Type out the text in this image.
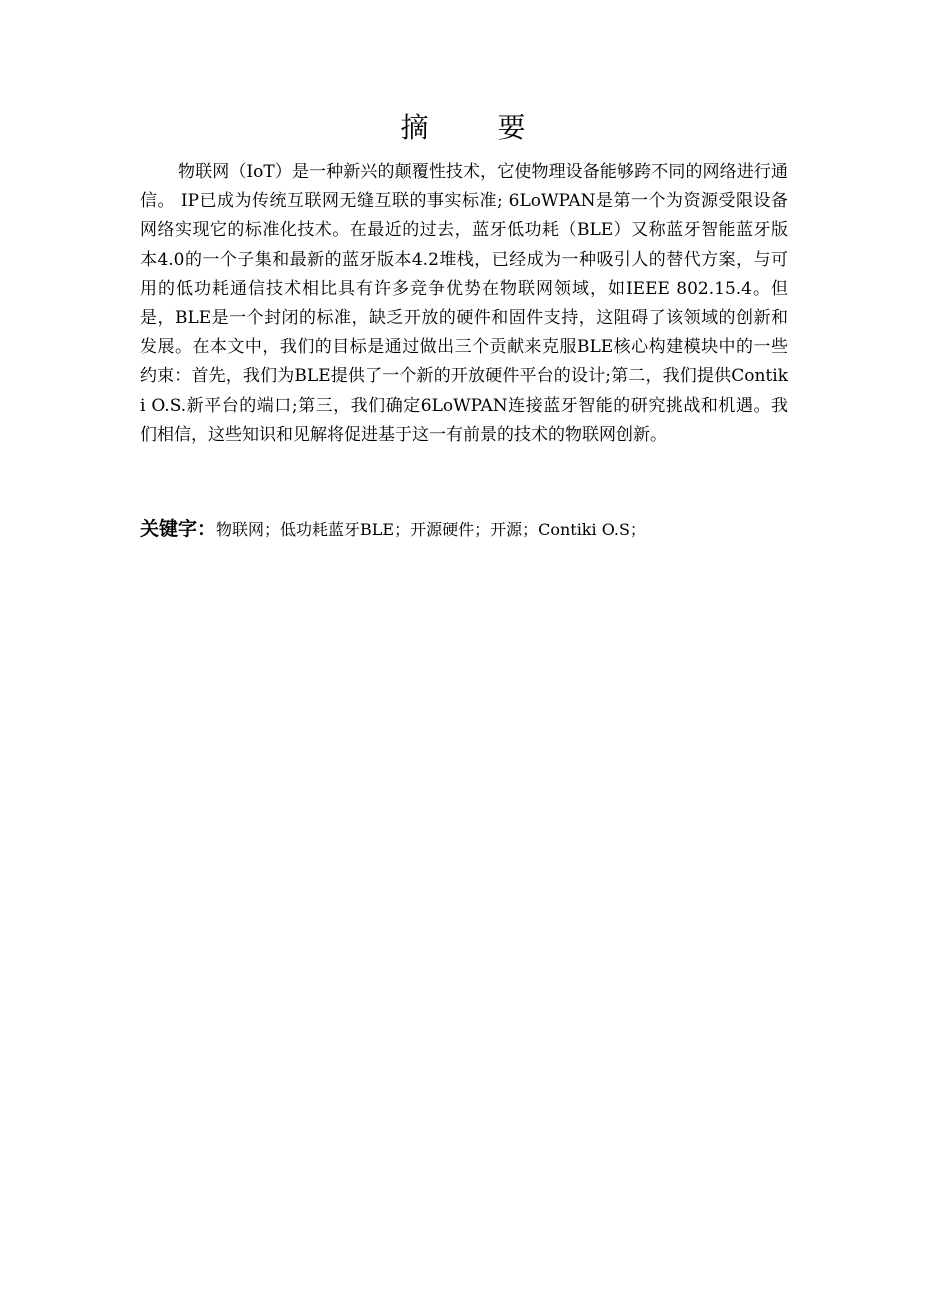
摘 要

物联网（IoT）是一种新兴的颠覆性技术，它使物理设备能够跨不同的网络进行通信。 IP已成为传统互联网无缝互联的事实标准; 6LoWPAN是第一个为资源受限设备网络实现它的标准化技术。在最近的过去，蓝牙低功耗（BLE）又称蓝牙智能蓝牙版本4.0的一个子集和最新的蓝牙版本4.2堆栈，已经成为一种吸引人的替代方案，与可用的低功耗通信技术相比具有许多竞争优势在物联网领域，如IEEE 802.15.4。但是，BLE是一个封闭的标准，缺乏开放的硬件和固件支持，这阻碍了该领域的创新和发展。在本文中，我们的目标是通过做出三个贡献来克服BLE核心构建模块中的一些约束：首先，我们为BLE提供了一个新的开放硬件平台的设计;第二，我们提供Contiki O.S.新平台的端口;第三，我们确定6LoWPAN连接蓝牙智能的研究挑战和机遇。我们相信，这些知识和见解将促进基于这一有前景的技术的物联网创新。

关键字：物联网；低功耗蓝牙BLE；开源硬件；开源；Contiki O.S；
